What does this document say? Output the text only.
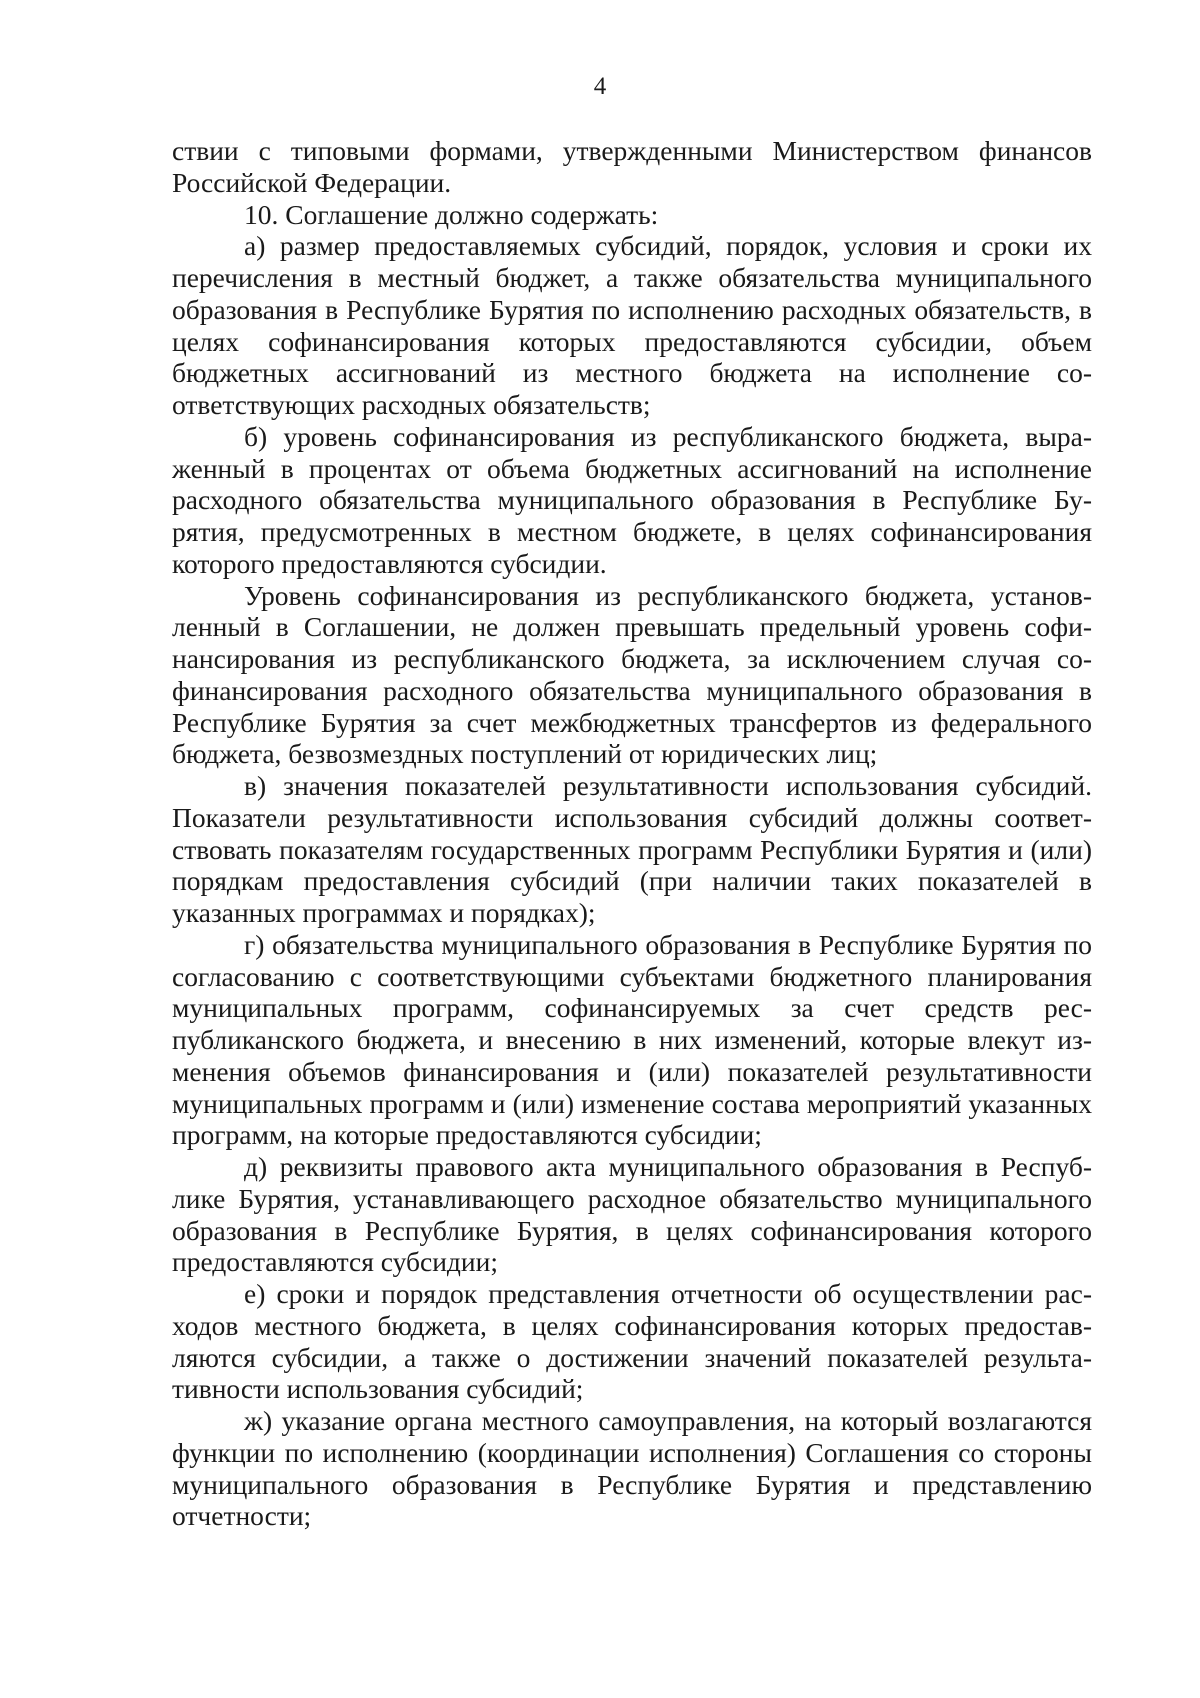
4

ствии с типовыми формами, утвержденными Министерством финансов Российской Федерации.

10. Соглашение должно содержать:

а) размер предоставляемых субсидий, порядок, условия и сроки их перечисления в местный бюджет, а также обязательства муниципального образования в Республике Бурятия по исполнению расходных обязательств, в целях софинансирования которых предоставляются субсидии, объем бюджетных ассигнований из местного бюджета на исполнение соответствующих расходных обязательств;

б) уровень софинансирования из республиканского бюджета, выраженный в процентах от объема бюджетных ассигнований на исполнение расходного обязательства муниципального образования в Республике Бурятия, предусмотренных в местном бюджете, в целях софинансирования которого предоставляются субсидии.

Уровень софинансирования из республиканского бюджета, установленный в Соглашении, не должен превышать предельный уровень софинансирования из республиканского бюджета, за исключением случая софинансирования расходного обязательства муниципального образования в Республике Бурятия за счет межбюджетных трансфертов из федерального бюджета, безвозмездных поступлений от юридических лиц;

в) значения показателей результативности использования субсидий. Показатели результативности использования субсидий должны соответствовать показателям государственных программ Республики Бурятия и (или) порядкам предоставления субсидий (при наличии таких показателей в указанных программах и порядках);

г) обязательства муниципального образования в Республике Бурятия по согласованию с соответствующими субъектами бюджетного планирования муниципальных программ, софинансируемых за счет средств республиканского бюджета, и внесению в них изменений, которые влекут изменения объемов финансирования и (или) показателей результативности муниципальных программ и (или) изменение состава мероприятий указанных программ, на которые предоставляются субсидии;

д) реквизиты правового акта муниципального образования в Республике Бурятия, устанавливающего расходное обязательство муниципального образования в Республике Бурятия, в целях софинансирования которого предоставляются субсидии;

е) сроки и порядок представления отчетности об осуществлении расходов местного бюджета, в целях софинансирования которых предоставляются субсидии, а также о достижении значений показателей результативности использования субсидий;

ж) указание органа местного самоуправления, на который возлагаются функции по исполнению (координации исполнения) Соглашения со стороны муниципального образования в Республике Бурятия и представлению отчетности;
